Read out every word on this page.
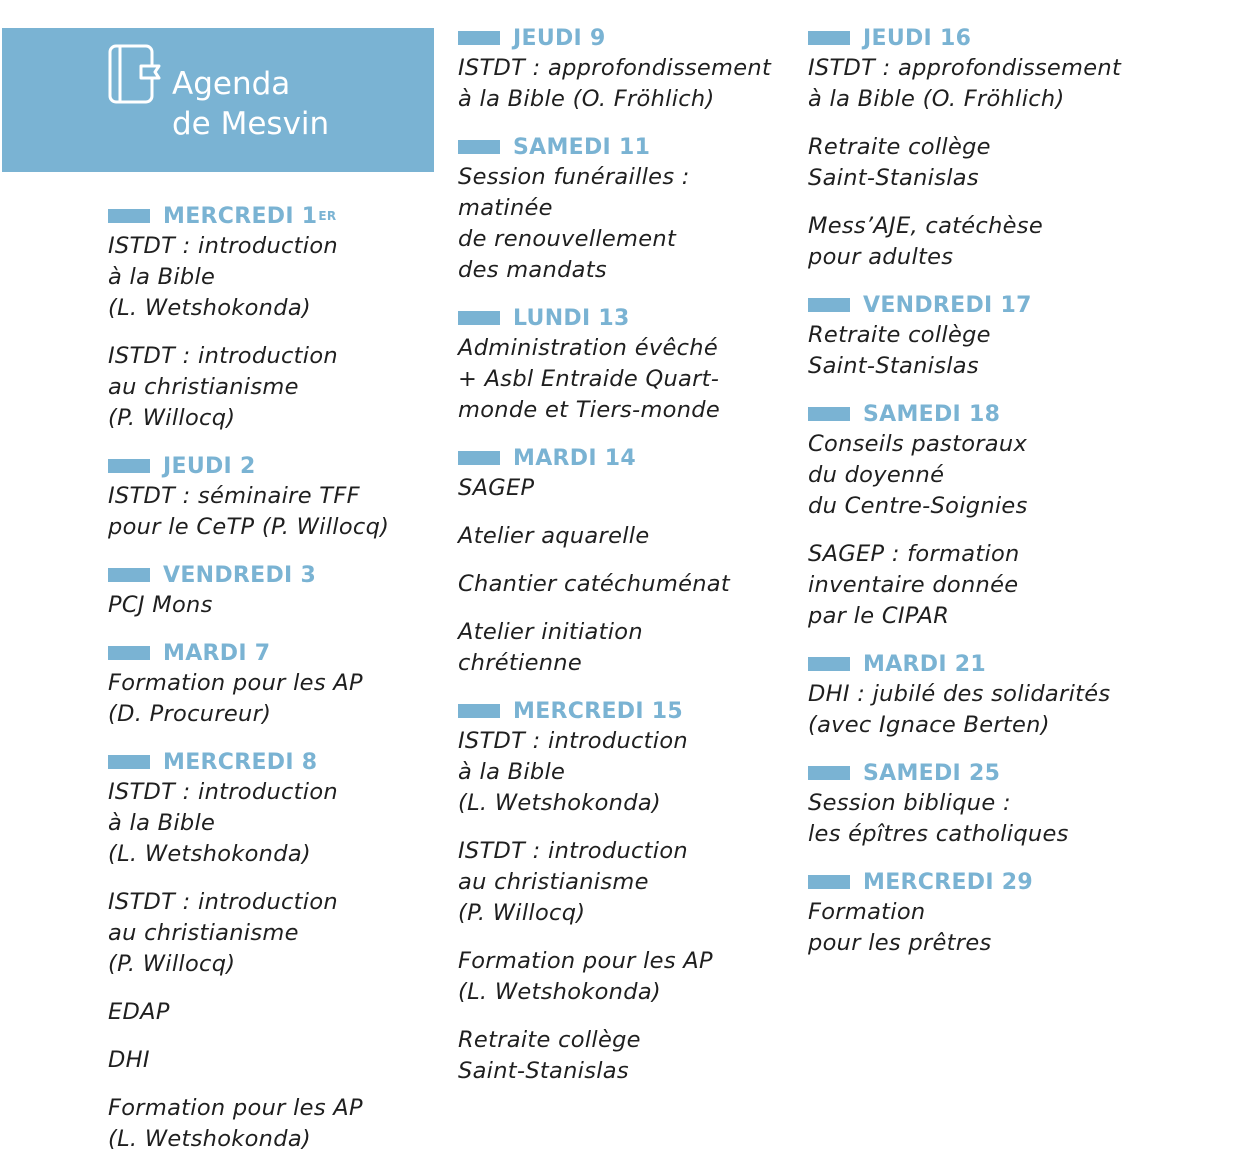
Agenda
de Mesvin
MERCREDI 1 ER
ISTDT : introduction
à la Bible
(L. Wetshokonda)
ISTDT : introduction
au christianisme
(P. Willocq)
JEUDI 2
ISTDT : séminaire TFF
pour le CeTP (P. Willocq)
VENDREDI 3
PCJ Mons
MARDI 7
Formation pour les AP
(D. Procureur)
MERCREDI 8
ISTDT : introduction
à la Bible
(L. Wetshokonda)
ISTDT : introduction
au christianisme
(P. Willocq)
EDAP
DHI
Formation pour les AP
(L. Wetshokonda)
JEUDI 9
ISTDT : approfondissement
à la Bible (O. Fröhlich)
SAMEDI 11
Session funérailles :
matinée
de renouvellement
des mandats
LUNDI 13
Administration évêché
+ Asbl Entraide Quart-
monde et Tiers-monde
MARDI 14
SAGEP
Atelier aquarelle
Chantier catéchuménat
Atelier initiation
chrétienne
MERCREDI 15
ISTDT : introduction
à la Bible
(L. Wetshokonda)
ISTDT : introduction
au christianisme
(P. Willocq)
Formation pour les AP
(L. Wetshokonda)
Retraite collège
Saint-Stanislas
JEUDI 16
ISTDT : approfondissement
à la Bible (O. Fröhlich)
Retraite collège
Saint-Stanislas
Mess’AJE, catéchèse
pour adultes
VENDREDI 17
Retraite collège
Saint-Stanislas
SAMEDI 18
Conseils pastoraux
du doyenné
du Centre-Soignies
SAGEP : formation
inventaire donnée
par le CIPAR
MARDI 21
DHI : jubilé des solidarités
(avec Ignace Berten)
SAMEDI 25
Session biblique :
les épîtres catholiques
MERCREDI 29
Formation
pour les prêtres
